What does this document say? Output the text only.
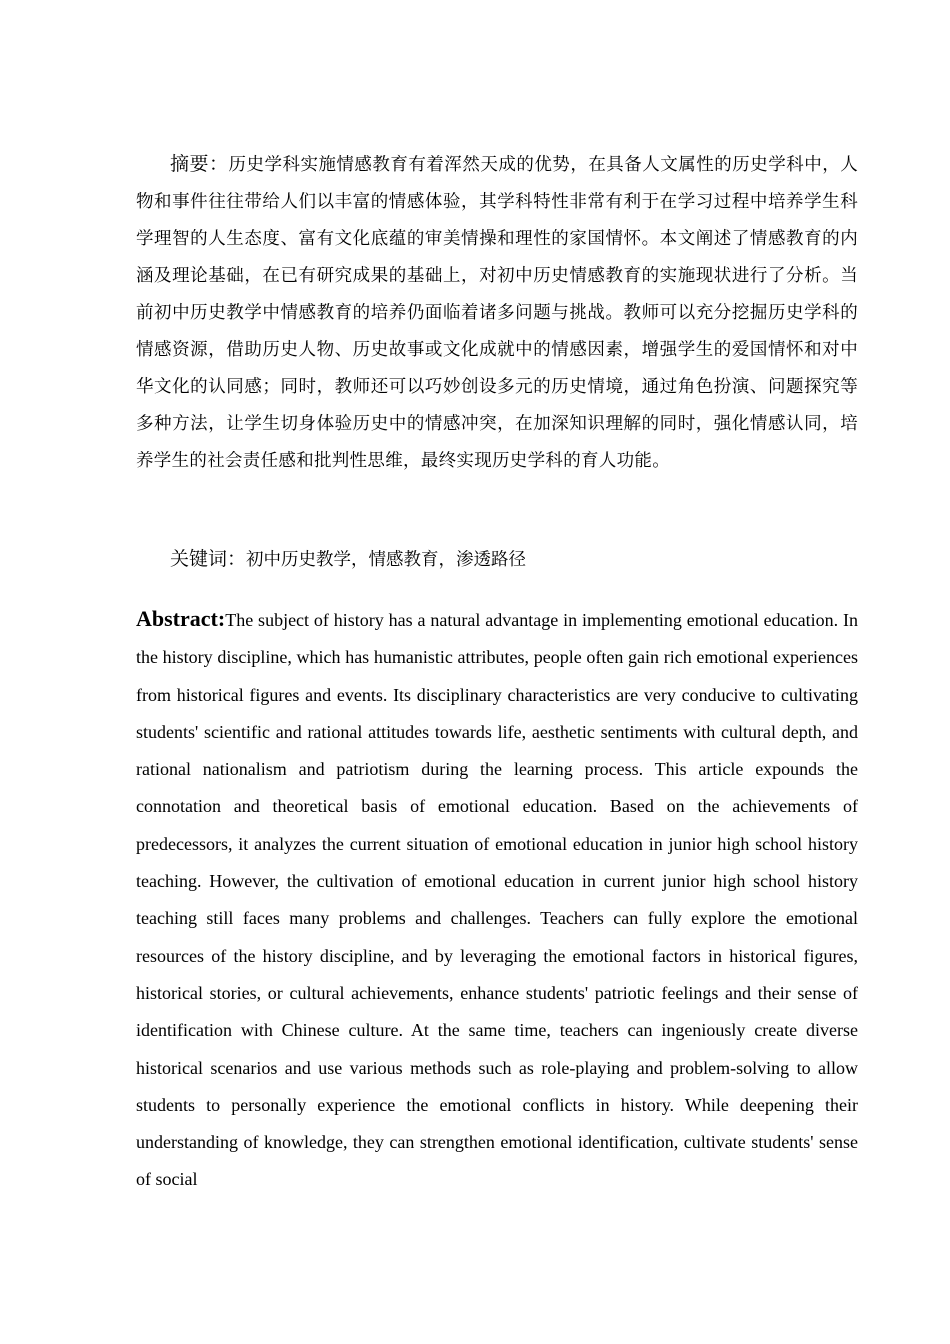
摘要：历史学科实施情感教育有着浑然天成的优势，在具备人文属性的历史学科中，人物和事件往往带给人们以丰富的情感体验，其学科特性非常有利于在学习过程中培养学生科学理智的人生态度、富有文化底蕴的审美情操和理性的家国情怀。本文阐述了情感教育的内涵及理论基础，在已有研究成果的基础上，对初中历史情感教育的实施现状进行了分析。当前初中历史教学中情感教育的培养仍面临着诸多问题与挑战。教师可以充分挖掘历史学科的情感资源，借助历史人物、历史故事或文化成就中的情感因素，增强学生的爱国情怀和对中华文化的认同感；同时，教师还可以巧妙创设多元的历史情境，通过角色扮演、问题探究等多种方法，让学生切身体验历史中的情感冲突，在加深知识理解的同时，强化情感认同，培养学生的社会责任感和批判性思维，最终实现历史学科的育人功能。

关键词：初中历史教学，情感教育，渗透路径

Abstract:The subject of history has a natural advantage in implementing emotional education. In the history discipline, which has humanistic attributes, people often gain rich emotional experiences from historical figures and events. Its disciplinary characteristics are very conducive to cultivating students' scientific and rational attitudes towards life, aesthetic sentiments with cultural depth, and rational nationalism and patriotism during the learning process. This article expounds the connotation and theoretical basis of emotional education. Based on the achievements of predecessors, it analyzes the current situation of emotional education in junior high school history teaching. However, the cultivation of emotional education in current junior high school history teaching still faces many problems and challenges. Teachers can fully explore the emotional resources of the history discipline, and by leveraging the emotional factors in historical figures, historical stories, or cultural achievements, enhance students' patriotic feelings and their sense of identification with Chinese culture. At the same time, teachers can ingeniously create diverse historical scenarios and use various methods such as role-playing and problem-solving to allow students to personally experience the emotional conflicts in history. While deepening their understanding of knowledge, they can strengthen emotional identification, cultivate students' sense of social
